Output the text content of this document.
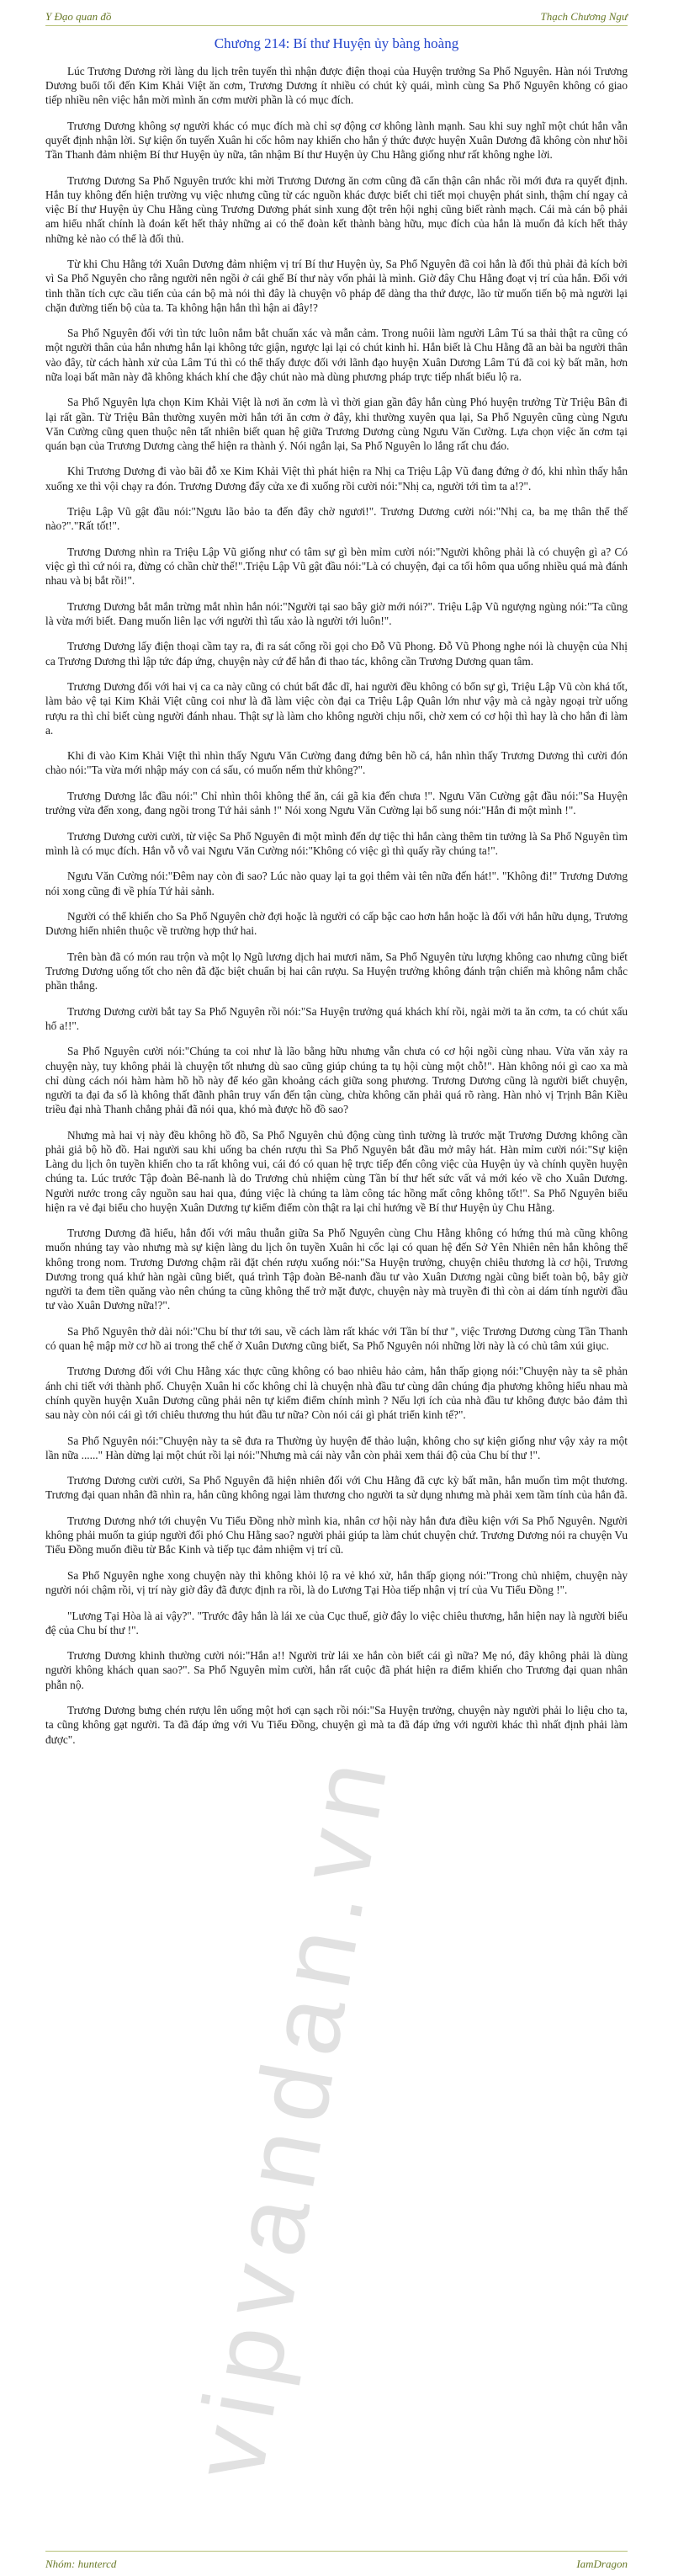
Y Đạo quan đồ	Thạch Chương Ngư
vipvandan.vn
Chương 214: Bí thư Huyện ủy bàng hoàng

Lúc Trương Dương rời làng du lịch trên tuyến thì nhận được điện thoại của Huyện trưởng Sa Phổ Nguyên. Hàn nói Trương Dương buổi tối đến Kim Khải Việt ăn cơm, Trương Dương ít nhiều có chút kỳ quái, mình cùng Sa Phổ Nguyên không có giao tiếp nhiều nên việc hắn mời mình ăn cơm mười phần là có mục đích.

Trương Dương không sợ người khác có mục đích mà chỉ sợ động cơ không lành mạnh. Sau khi suy nghĩ một chút hắn vẫn quyết định nhận lời. Sự kiện ốn tuyến Xuân hi cốc hôm nay khiến cho hắn ý thức được huyện Xuân Dương đã không còn như hồi Tần Thanh đảm nhiệm Bí thư Huyện ủy nữa, tân nhậm Bí thư Huyện ủy Chu Hằng giống như rất không nghe lời.

Trương Dương Sa Phổ Nguyên trước khi mời Trương Dương ăn cơm cũng đã cẩn thận cân nhắc rồi mới đưa ra quyết định. Hắn tuy không đến hiện trường vụ việc nhưng cũng từ các nguồn khác được biết chi tiết mọi chuyện phát sinh, thậm chí ngay cả việc Bí thư Huyện ủy Chu Hằng cùng Trương Dương phát sinh xung đột trên hội nghị cũng biết rành mạch. Cái mà cán bộ phải am hiểu nhất chính là đoán kết hết thảy những ai có thể đoàn kết thành bàng hữu, mục đích của hắn là muốn đả kích hết thảy những kẻ nào có thể là đối thủ.

Từ khi Chu Hằng tới Xuân Dương đảm nhiệm vị trí Bí thư Huyện ủy, Sa Phổ Nguyên đã coi hắn là đối thủ phải đả kích bởi vì Sa Phổ Nguyên cho rằng người nên ngồi ở cái ghế Bí thư này vốn phải là mình. Giờ đây Chu Hằng đoạt vị trí của hắn. Đối với tình thần tích cực cầu tiến của cán bộ mà nói thì đây là chuyện vô pháp để dàng tha thứ được, lão từ muốn tiến bộ mà người lại chặn đường tiến bộ của ta. Ta không hận hắn thì hận ai đây!?

Sa Phổ Nguyên đối với tìn tức luôn nắm bắt chuẩn xác và mẫn cảm. Trong nuôii làm người Lâm Tú sa thải thật ra cũng có một người thân của hắn nhưng hắn lại không tức giận, ngược lại lại có chút kinh hỉ. Hắn biết là Chu Hằng đã an bài ba người thân vào đây, từ cách hành xử của Lâm Tú thì có thể thấy được đối với lãnh đạo huyện Xuân Dương Lâm Tú đã coi kỳ bất mãn, hơn nữa loại bất mãn này đã không khách khí che đậy chút nào mà dùng phương pháp trực tiếp nhất biểu lộ ra.

Sa Phổ Nguyên lựa chọn Kim Khải Việt là nơi ăn cơm là vì thời gian gần đây hắn cùng Phó huyện trưởng Từ Triệu Bân đi lại rất gần. Từ Triệu Bân thường xuyên mời hắn tới ăn cơm ở đây, khi thường xuyên qua lại, Sa Phổ Nguyên cũng cùng Ngưu Văn Cường cũng quen thuộc nên tất nhiên biết quan hệ giữa Trương Dương cùng Ngưu Văn Cường. Lựa chọn việc ăn cơm tại quán bạn của Trương Dương càng thể hiện ra thành ý. Nói ngắn lại, Sa Phổ Nguyên lo lắng rất chu đáo.

Khi Trương Dương đi vào bãi đỗ xe Kim Khải Việt thì phát hiện ra Nhị ca Triệu Lập Vũ đang đứng ở đó, khi nhìn thấy hắn xuống xe thì vội chạy ra đón. Trương Dương đẩy cửa xe đi xuống rồi cười nói:"Nhị ca, người tới tìm ta a!?".

Triệu Lập Vũ gật đầu nói:"Ngưu lão bảo ta đến đây chờ ngươi!". Trương Dương cười nói:"Nhị ca, ba mẹ thân thể thế nào?"."Rất tốt!".

Trương Dương nhìn ra Triệu Lập Vũ giống như có tâm sự gì bèn mỉm cười nói:"Người không phải là có chuyện gì a? Có việc gì thì cứ nói ra, đừng có chần chừ thế!".Triệu Lập Vũ gật đầu nói:"Là có chuyện, đại ca tối hôm qua uống nhiều quá mà đánh nhau và bị bắt rồi!".

Trương Dương bắt mắn trừng mắt nhìn hắn nói:"Người tại sao bây giờ mới nói?". Triệu Lập Vũ ngượng ngùng nói:"Ta cũng là vừa mới biết. Đang muốn liên lạc với người thì tấu xảo là người tới luôn!".

Trương Dương lấy điện thoại cầm tay ra, đi ra sát cổng rồi gọi cho Đỗ Vũ Phong. Đỗ Vũ Phong nghe nói là chuyện của Nhị ca Trương Dương thì lập tức đáp ứng, chuyện này cứ để hắn đi thao tác, không cần Trương Dương quan tâm.

Trương Dương đối với hai vị ca ca này cũng có chút bất đắc dĩ, hai người đều không có bổn sự gì, Triệu Lập Vũ còn khá tốt, làm bảo vệ tại Kim Khải Việt cũng coi như là đã làm việc còn đại ca Triệu Lập Quân lớn như vậy mà cả ngày ngoại trừ uống rượu ra thì chỉ biết cùng người đánh nhau. Thật sự là làm cho không người chịu nổi, chờ xem có cơ hội thì hay là cho hắn đi làm a.

Khi đi vào Kim Khải Việt thì nhìn thấy Ngưu Văn Cường đang đứng bên hồ cá, hắn nhìn thấy Trương Dương thì cười đón chào nói:"Ta vừa mới nhập máy con cá sấu, có muốn nếm thử không?".

Trương Dương lắc đầu nói:" Chỉ nhìn thôi không thể ăn, cái gã kia đến chưa !". Ngưu Văn Cường gật đầu nói:"Sa Huyện trưởng vừa đến xong, đang ngồi trong Tứ hải sảnh !" Nói xong Ngưu Văn Cường lại bổ sung nói:"Hắn đi một mình !".

Trương Dương cười cười, từ việc Sa Phổ Nguyên đi một mình đến dự tiệc thì hắn càng thêm tin tưởng là Sa Phổ Nguyên tìm mình là có mục đích. Hắn vỗ vỗ vai Ngưu Văn Cường nói:"Không có việc gì thì quấy rầy chúng ta!".

Ngưu Văn Cường nói:"Đêm nay còn đi sao? Lúc nào quay lại ta gọi thêm vài tên nữa đến hát!". "Không đi!" Trương Dương nói xong cũng đi về phía Tứ hải sảnh.

Người có thể khiến cho Sa Phổ Nguyên chờ đợi hoặc là người có cấp bậc cao hơn hắn hoặc là đối với hắn hữu dụng, Trương Dương hiển nhiên thuộc về trường hợp thứ hai.

Trên bàn đã có món rau trộn và một lọ Ngũ lương dịch hai mươi năm, Sa Phổ Nguyên tửu lượng không cao nhưng cũng biết Trương Dương uống tốt cho nên đã đặc biệt chuẩn bị hai cân rượu. Sa Huyện trưởng không đánh trận chiến mà không nắm chắc phần thắng.

Trương Dương cười bắt tay Sa Phổ Nguyên rồi nói:"Sa Huyện trưởng quá khách khí rồi, ngài mời ta ăn cơm, ta có chút xấu hổ a!!".

Sa Phổ Nguyên cười nói:"Chúng ta coi như là lão bằng hữu nhưng vẫn chưa có cơ hội ngồi cùng nhau. Vừa văn xảy ra chuyện này, tuy không phải là chuyện tốt nhưng dù sao cũng giúp chúng ta tụ hội cùng một chỗ!". Hàn không nói gì cao xa mà chỉ dùng cách nói hàm hàm hồ hồ này để kéo gần khoảng cách giữa song phương. Trương Dương cũng là người biết chuyện, người ta đại đa số là không thất đãnh phân truy vấn đến tận cùng, chừa không căn phải quá rõ ràng. Hàn nhỏ vị Trịnh Bân Kiều triều đại nhà Thanh chẳng phải đã nói qua, khó mà được hồ đồ sao?

Nhưng mà hai vị này đều không hồ đồ, Sa Phổ Nguyên chủ động cùng tình tường là trước mặt Trương Dương không cần phải giả bộ hồ đồ. Hai người sau khi uống ba chén rượu thì Sa Phổ Nguyên bắt đầu mở mây hát. Hàn mỉm cười nói:"Sự kiện Làng du lịch ôn tuyền khiến cho ta rất không vui, cái đó có quan hệ trực tiếp đến công việc của Huyện ủy và chính quyền huyện chúng ta. Lúc trước Tập đoàn Bê-nanh là do Trương chủ nhiệm cùng Tần bí thư hết sức vất vả mới kéo về cho Xuân Dương. Người nước trong cây nguồn sau hai qua, đúng việc là chúng ta làm công tác hồng mất công không tốt!". Sa Phổ Nguyên biểu hiện ra vẻ đại biểu cho huyện Xuân Dương tự kiểm điểm còn thật ra lại chỉ hướng về Bí thư Huyện ủy Chu Hằng.

Trương Dương đã hiểu, hắn đối với mâu thuẫn giữa Sa Phổ Nguyên cùng Chu Hằng không có hứng thú mà cũng không muốn nhúng tay vào nhưng mà sự kiện làng du lịch ôn tuyền Xuân hi cốc lại có quan hệ đến Sở Yên Nhiên nên hắn không thể không trong nom. Trương Dương chậm rãi đặt chén rượu xuống nói:"Sa Huyện trưởng, chuyện chiêu thương là cơ hội, Trương Dương trong quá khứ hàn ngài cũng biết, quá trình Tập đoàn Bê-nanh đầu tư vào Xuân Dương ngài cũng biết toàn bộ, bây giờ người ta đem tiền quăng vào nên chúng ta cũng không thể trở mặt được, chuyện này mà truyền đi thì còn ai dám tính người đầu tư vào Xuân Dương nữa!?".

Sa Phổ Nguyên thở dài nói:"Chu bí thư tới sau, về cách làm rất khác với Tần bí thư ", việc Trương Dương cùng Tần Thanh có quan hệ mập mờ cơ hồ ai trong thể chế ở Xuân Dương cũng biết, Sa Phổ Nguyên nói những lời này là có chủ tâm xúi giục.

Trương Dương đối với Chu Hằng xác thực cũng không có bao nhiêu hảo cảm, hắn thấp giọng nói:"Chuyện này ta sẽ phản ánh chi tiết với thành phố. Chuyện Xuân hi cốc không chỉ là chuyện nhà đầu tư cùng dân chúng địa phương không hiểu nhau mà chính quyền huyện Xuân Dương cũng phải nên tự kiểm điểm chính mình ? Nếu lợi ích của nhà đầu tư không được bảo đảm thì sau này còn nói cái gì tới chiêu thương thu hút đầu tư nữa? Còn nói cái gì phát triển kinh tế?".

Sa Phổ Nguyên nói:"Chuyện này ta sẽ đưa ra Thường ủy huyện để thảo luận, không cho sự kiện giống như vậy xảy ra một lần nữa ......" Hàn dừng lại một chút rồi lại nói:"Nhưng mà cái này vẫn còn phải xem thái độ của Chu bí thư !".

Trương Dương cười cười, Sa Phổ Nguyên đã hiện nhiên đối với Chu Hằng đã cực kỳ bất mãn, hắn muốn tìm một thương. Trương đại quan nhân đã nhìn ra, hắn cũng không ngại làm thương cho người ta sử dụng nhưng mà phải xem tầm tính của hắn đã.

Trương Dương nhớ tới chuyện Vu Tiểu Đồng nhờ mình kia, nhân cơ hội này hắn đưa điều kiện với Sa Phổ Nguyên. Người không phải muốn ta giúp người đối phó Chu Hằng sao? người phải giúp ta làm chút chuyện chứ. Trương Dương nói ra chuyện Vu Tiểu Đồng muốn điều từ Bắc Kinh và tiếp tục đảm nhiệm vị trí cũ.

Sa Phổ Nguyên nghe xong chuyện này thì không khỏi lộ ra vẻ khó xử, hắn thấp giọng nói:"Trong chủ nhiệm, chuyện này người nói chậm rồi, vị trí này giờ đây đã được định ra rồi, là do Lương Tại Hòa tiếp nhận vị trí của Vu Tiểu Đồng !".

"Lương Tại Hòa là ai vậy?". "Trước đây hắn là lái xe của Cục thuế, giờ đây lo việc chiêu thương, hắn hiện nay là người biểu đệ của Chu bí thư !".

Trương Dương khinh thường cười nói:"Hắn a!! Người trừ lái xe hắn còn biết cái gì nữa? Mẹ nó, đây không phải là dùng người không khách quan sao?". Sa Phổ Nguyên mỉm cười, hắn rất cuộc đã phát hiện ra điểm khiến cho Trương đại quan nhân phẫn nộ.

Trương Dương bưng chén rượu lên uống một hơi cạn sạch rồi nói:"Sa Huyện trưởng, chuyện này người phải lo liệu cho ta, ta cũng không gạt người. Ta đã đáp ứng với Vu Tiểu Đồng, chuyện gì mà ta đã đáp ứng với người khác thì nhất định phải làm được".

Nhóm: huntercd	IamDragon
